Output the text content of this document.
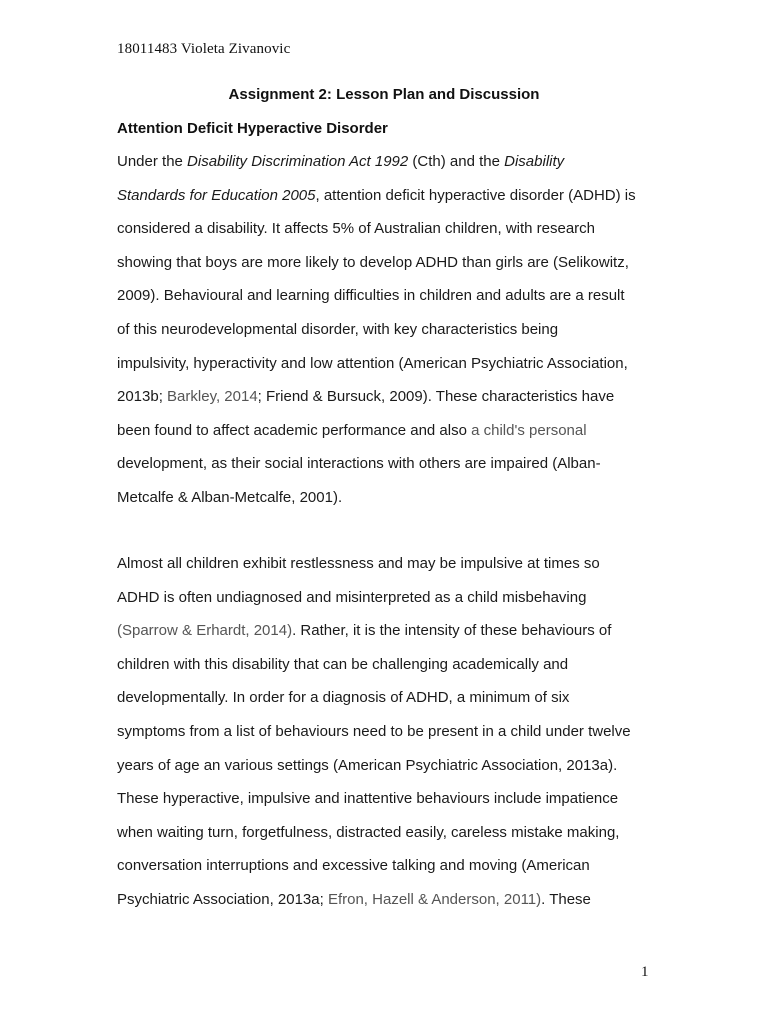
18011483 Violeta Zivanovic
Assignment 2: Lesson Plan and Discussion
Attention Deficit Hyperactive Disorder
Under the Disability Discrimination Act 1992 (Cth) and the Disability
Standards for Education 2005, attention deficit hyperactive disorder (ADHD) is
considered a disability. It affects 5% of Australian children, with research
showing that boys are more likely to develop ADHD than girls are (Selikowitz,
2009). Behavioural and learning difficulties in children and adults are a result
of this neurodevelopmental disorder, with key characteristics being
impulsivity, hyperactivity and low attention (American Psychiatric Association,
2013b; Barkley, 2014; Friend & Bursuck, 2009). These characteristics have
been found to affect academic performance and also a child's personal
development, as their social interactions with others are impaired (Alban-
Metcalfe & Alban-Metcalfe, 2001).
Almost all children exhibit restlessness and may be impulsive at times so
ADHD is often undiagnosed and misinterpreted as a child misbehaving
(Sparrow & Erhardt, 2014). Rather, it is the intensity of these behaviours of
children with this disability that can be challenging academically and
developmentally. In order for a diagnosis of ADHD, a minimum of six
symptoms from a list of behaviours need to be present in a child under twelve
years of age an various settings (American Psychiatric Association, 2013a).
These hyperactive, impulsive and inattentive behaviours include impatience
when waiting turn, forgetfulness, distracted easily, careless mistake making,
conversation interruptions and excessive talking and moving (American
Psychiatric Association, 2013a; Efron, Hazell & Anderson, 2011). These
1
